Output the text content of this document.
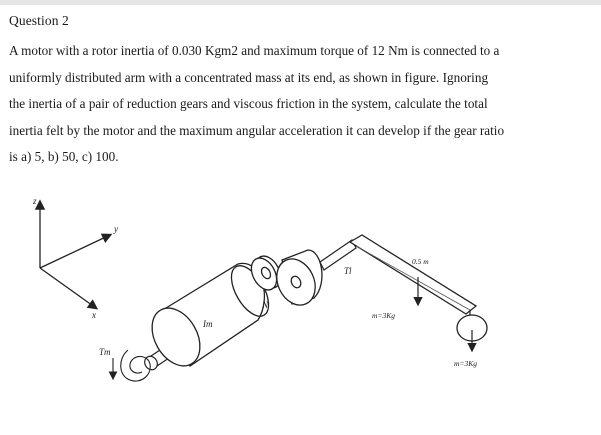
Question 2
A motor with a rotor inertia of 0.030 Kgm2 and maximum torque of 12 Nm is connected to a
uniformly distributed arm with a concentrated mass at its end, as shown in figure. Ignoring
the inertia of a pair of reduction gears and viscous friction in the system, calculate the total
inertia felt by the motor and the maximum angular acceleration it can develop if the gear ratio
is a) 5, b) 50, c) 100.
z
y
x
Tm
Im
N
Tl
0.5 m
m=3Kg
m=3Kg
